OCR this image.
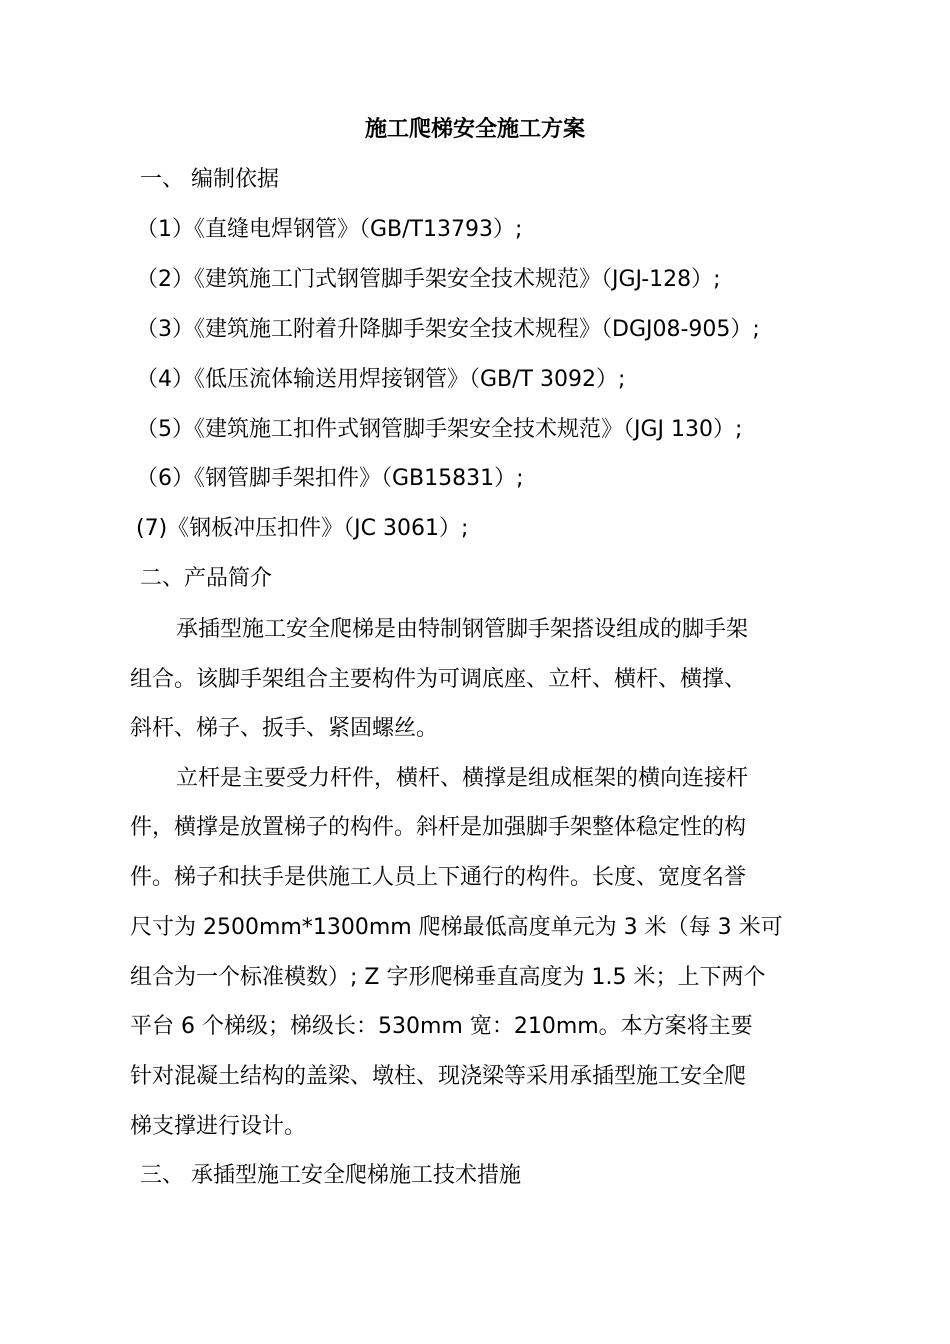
施工爬梯安全施工方案
一、 编制依据
（1）《直缝电焊钢管》（GB/T13793）;
（2）《建筑施工门式钢管脚手架安全技术规范》（JGJ-128）;
（3）《建筑施工附着升降脚手架安全技术规程》（DGJ08-905）;
（4）《低压流体输送用焊接钢管》（GB/T 3092）;
（5）《建筑施工扣件式钢管脚手架安全技术规范》（JGJ 130）;
（6）《钢管脚手架扣件》（GB15831）;
(7)《钢板冲压扣件》（JC 3061）;
二、产品简介
承插型施工安全爬梯是由特制钢管脚手架搭设组成的脚手架
组合。该脚手架组合主要构件为可调底座、立杆、横杆、横撑、
斜杆、梯子、扳手、紧固螺丝。
立杆是主要受力杆件，横杆、横撑是组成框架的横向连接杆
件，横撑是放置梯子的构件。斜杆是加强脚手架整体稳定性的构
件。梯子和扶手是供施工人员上下通行的构件。长度、宽度名誉
尺寸为 2500mm*1300mm 爬梯最低高度单元为 3 米（每 3 米可
组合为一个标准模数）; Z 字形爬梯垂直高度为 1.5 米；上下两个
平台 6 个梯级；梯级长：530mm 宽：210mm。本方案将主要
针对混凝土结构的盖梁、墩柱、现浇梁等采用承插型施工安全爬
梯支撑进行设计。
三、 承插型施工安全爬梯施工技术措施
